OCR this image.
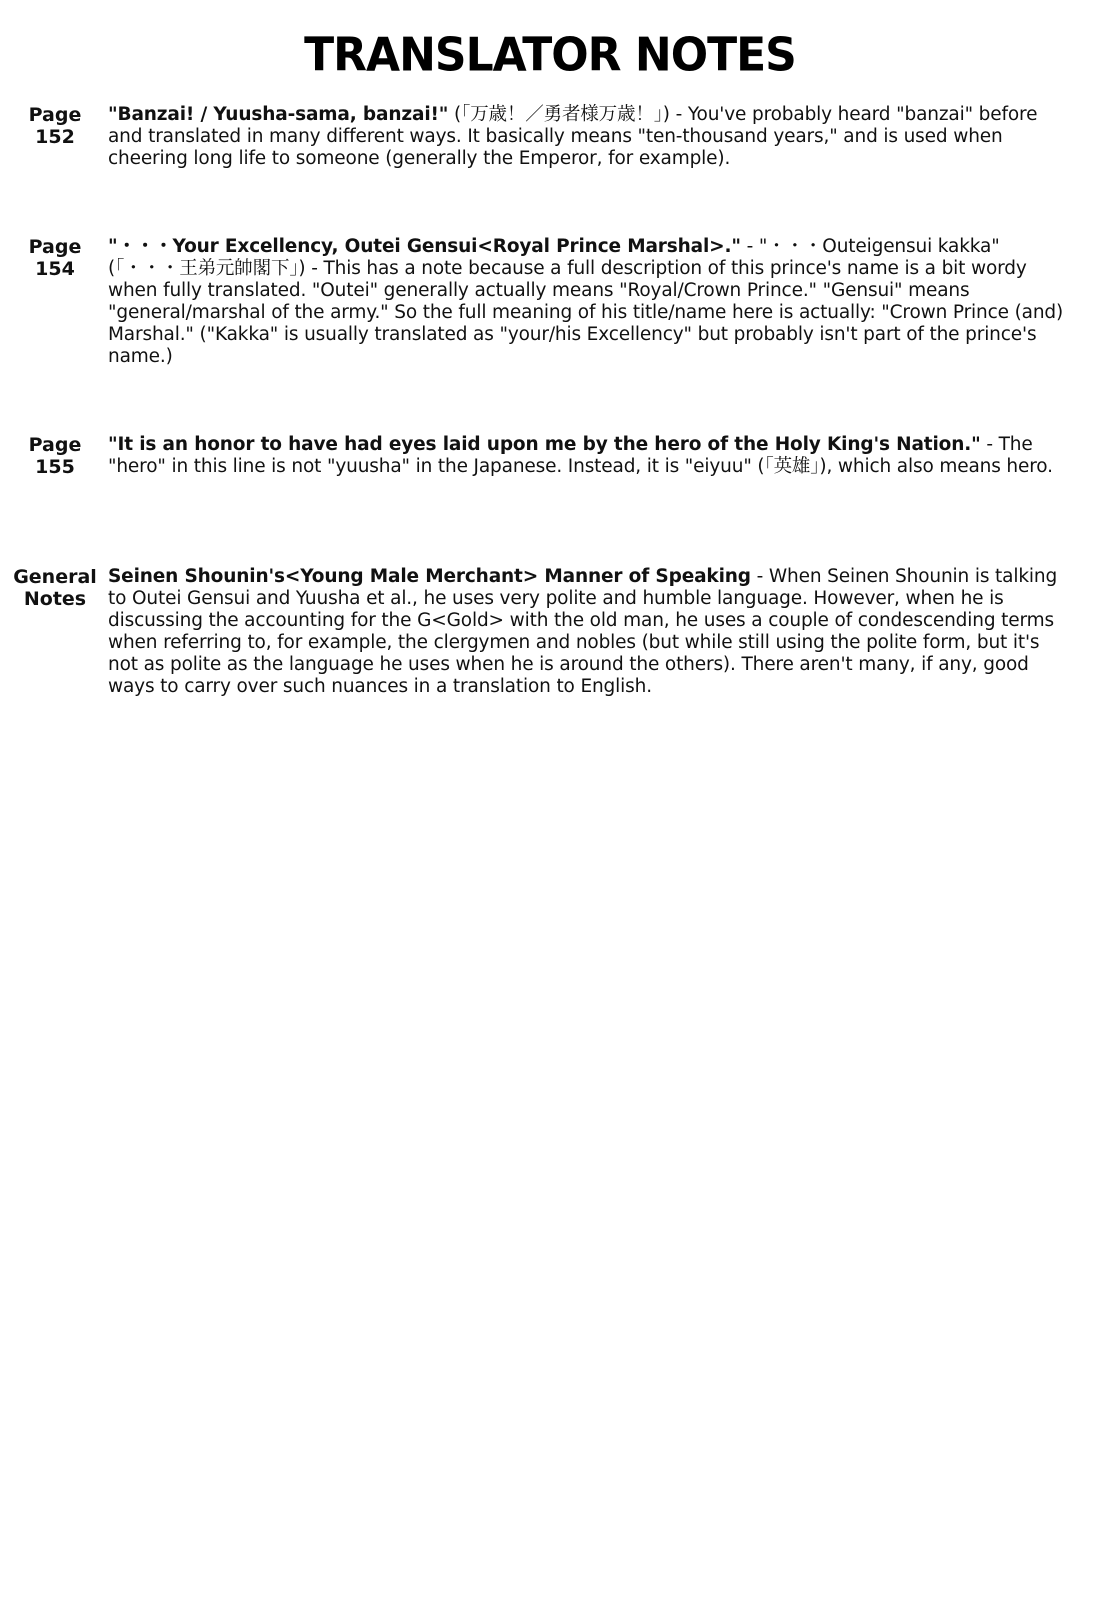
TRANSLATOR NOTES
Page
152
"Banzai! / Yuusha-sama, banzai!" (「万歳！／勇者様万歳！」) - You've probably heard "banzai" before and translated in many different ways. It basically means "ten-thousand years," and is used when cheering long life to someone (generally the Emperor, for example).
Page
154
"・・・Your Excellency, Outei Gensui<Royal Prince Marshal>." - "・・・Outeigensui kakka" (「・・・王弟元帥閣下」) - This has a note because a full description of this prince's name is a bit wordy when fully translated. "Outei" generally actually means "Royal/Crown Prince." "Gensui" means "general/marshal of the army." So the full meaning of his title/name here is actually: "Crown Prince (and) Marshal." ("Kakka" is usually translated as "your/his Excellency" but probably isn't part of the prince's name.)
Page
155
"It is an honor to have had eyes laid upon me by the hero of the Holy King's Nation." - The "hero" in this line is not "yuusha" in the Japanese. Instead, it is "eiyuu" (「英雄」), which also means hero.
General
Notes
Seinen Shounin's<Young Male Merchant> Manner of Speaking - When Seinen Shounin is talking to Outei Gensui and Yuusha et al., he uses very polite and humble language. However, when he is discussing the accounting for the G<Gold> with the old man, he uses a couple of condescending terms when referring to, for example, the clergymen and nobles (but while still using the polite form, but it's not as polite as the language he uses when he is around the others). There aren't many, if any, good ways to carry over such nuances in a translation to English.
